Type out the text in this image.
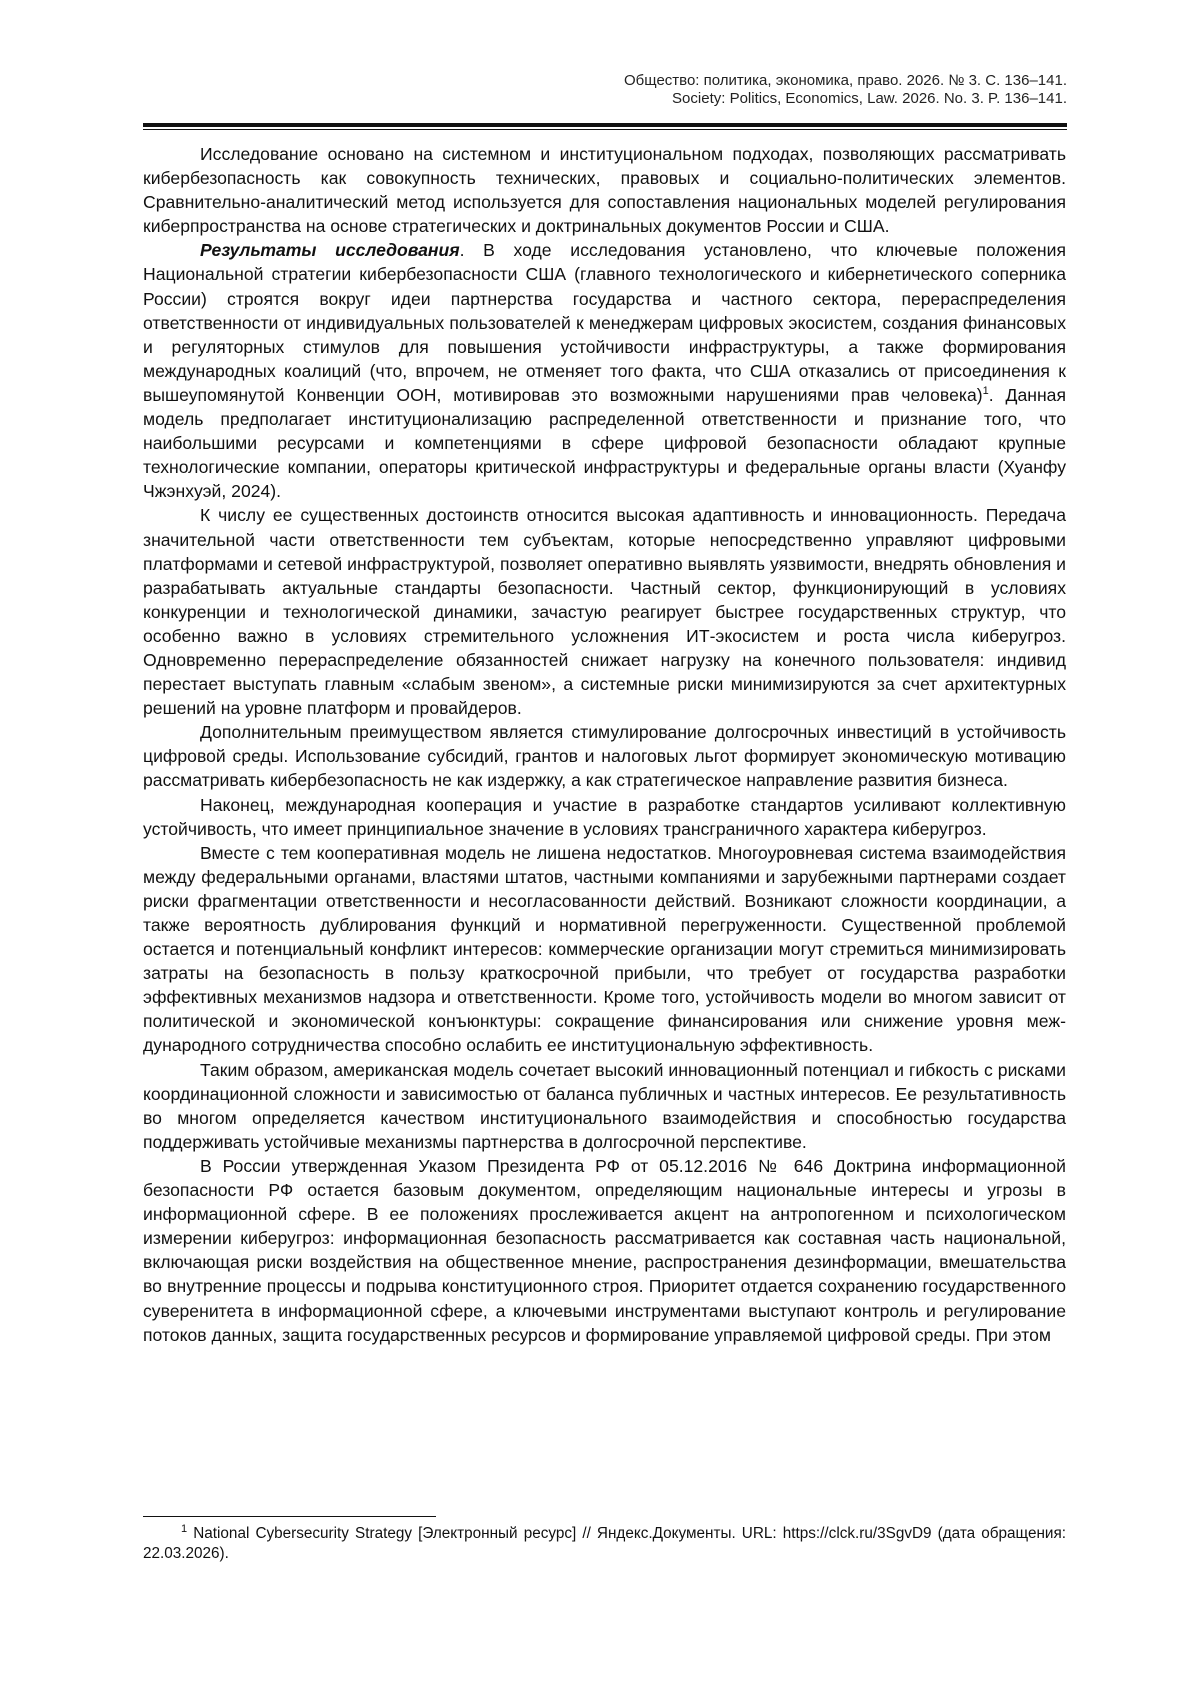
Общество: политика, экономика, право. 2026. № 3. С. 136–141.
Society: Politics, Economics, Law. 2026. No. 3. P. 136–141.

Исследование основано на системном и институциональном подходах, позволяющих рассматривать кибербезопасность как совокупность технических, правовых и социально-политических элементов. Сравнительно-аналитический метод используется для сопоставления национальных моделей регулирования киберпространства на основе стратегических и доктринальных документов России и США.

Результаты исследования. В ходе исследования установлено, что ключевые положения Национальной стратегии кибербезопасности США (главного технологического и кибернетического соперника России) строятся вокруг идеи партнерства государства и частного сектора, перераспределения ответственности от индивидуальных пользователей к менеджерам цифровых экосистем, создания финансовых и регуляторных стимулов для повышения устойчивости инфраструктуры, а также формирования международных коалиций (что, впрочем, не отменяет того факта, что США отказались от присоединения к вышеупомянутой Конвенции ООН, мотивировав это возможными нарушениями прав человека)$^1$. Данная модель предполагает институционализацию распределенной ответственности и признание того, что наибольшими ресурсами и компетенциями в сфере цифровой безопасности обладают крупные технологические компании, операторы критической инфраструктуры и федеральные органы власти (Хуанфу Чжэнхуэй, 2024).

К числу ее существенных достоинств относится высокая адаптивность и инновационность. Передача значительной части ответственности тем субъектам, которые непосредственно управляют цифровыми платформами и сетевой инфраструктурой, позволяет оперативно выявлять уязвимости, внедрять обновления и разрабатывать актуальные стандарты безопасности. Частный сектор, функционирующий в условиях конкуренции и технологической динамики, зачастую реагирует быстрее государственных структур, что особенно важно в условиях стремительного усложнения ИТ-экосистем и роста числа киберугроз. Одновременно перераспределение обязанностей снижает нагрузку на конечного пользователя: индивид перестает выступать главным «слабым звеном», а системные риски минимизируются за счет архитектурных решений на уровне платформ и провайдеров.

Дополнительным преимуществом является стимулирование долгосрочных инвестиций в устойчивость цифровой среды. Использование субсидий, грантов и налоговых льгот формирует экономическую мотивацию рассматривать кибербезопасность не как издержку, а как стратегическое направление развития бизнеса.

Наконец, международная кооперация и участие в разработке стандартов усиливают коллективную устойчивость, что имеет принципиальное значение в условиях трансграничного характера киберугроз.

Вместе с тем кооперативная модель не лишена недостатков. Многоуровневая система взаимодействия между федеральными органами, властями штатов, частными компаниями и зарубежными партнерами создает риски фрагментации ответственности и несогласованности действий. Возникают сложности координации, а также вероятность дублирования функций и нормативной перегруженности. Существенной проблемой остается и потенциальный конфликт интересов: коммерческие организации могут стремиться минимизировать затраты на безопасность в пользу краткосрочной прибыли, что требует от государства разработки эффективных механизмов надзора и ответственности. Кроме того, устойчивость модели во многом зависит от политической и экономической конъюнктуры: сокращение финансирования или снижение уровня международного сотрудничества способно ослабить ее институциональную эффективность.

Таким образом, американская модель сочетает высокий инновационный потенциал и гибкость с рисками координационной сложности и зависимостью от баланса публичных и частных интересов. Ее результативность во многом определяется качеством институционального взаимодействия и способностью государства поддерживать устойчивые механизмы партнерства в долгосрочной перспективе.

В России утвержденная Указом Президента РФ от 05.12.2016 № 646 Доктрина информационной безопасности РФ остается базовым документом, определяющим национальные интересы и угрозы в информационной сфере. В ее положениях прослеживается акцент на антропогенном и психологическом измерении киберугроз: информационная безопасность рассматривается как составная часть национальной, включающая риски воздействия на общественное мнение, распространения дезинформации, вмешательства во внутренние процессы и подрыва конституционного строя. Приоритет отдается сохранению государственного суверенитета в информационной сфере, а ключевыми инструментами выступают контроль и регулирование потоков данных, защита государственных ресурсов и формирование управляемой цифровой среды. При этом

$^1$ National Cybersecurity Strategy [Электронный ресурс] // Яндекс.Документы. URL: https://clck.ru/3SgvD9 (дата обращения: 22.03.2026).
